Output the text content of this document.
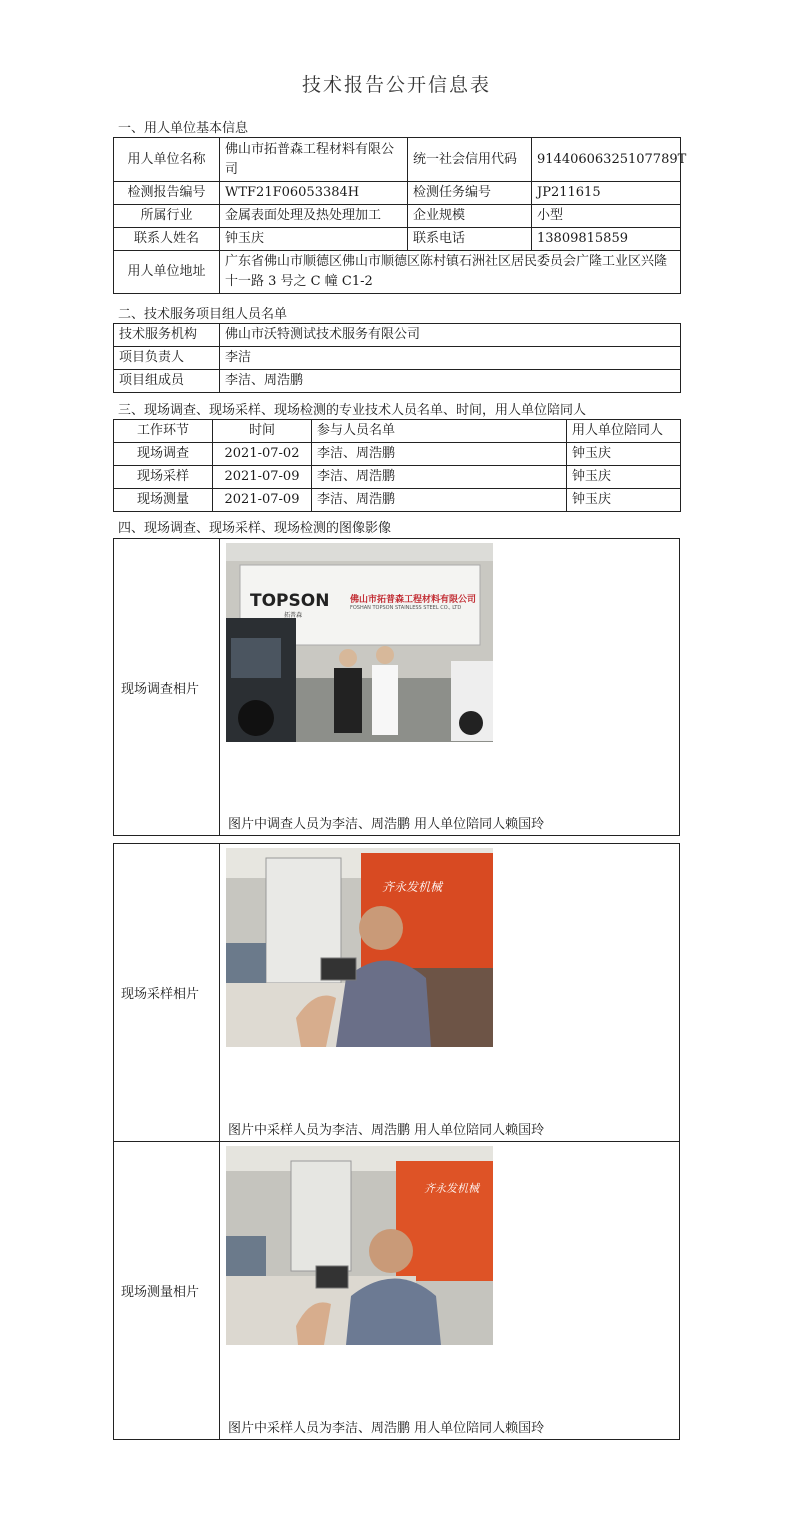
技术报告公开信息表
一、用人单位基本信息
用人单位名称	佛山市拓普森工程材料有限公司	统一社会信用代码	91440606325107789T
检测报告编号	WTF21F06053384H	检测任务编号	JP211615
所属行业	金属表面处理及热处理加工	企业规模	小型
联系人姓名	钟玉庆	联系电话	13809815859
用人单位地址	广东省佛山市顺德区佛山市顺德区陈村镇石洲社区居民委员会广隆工业区兴隆十一路 3 号之 C 幢 C1-2		
二、技术服务项目组人员名单
技术服务机构	佛山市沃特测试技术服务有限公司
项目负责人	李洁
项目组成员	李洁、周浩鹏
三、现场调查、现场采样、现场检测的专业技术人员名单、时间，用人单位陪同人
工作环节	时间	参与人员名单	用人单位陪同人
现场调查	2021-07-02	李洁、周浩鹏	钟玉庆
现场采样	2021-07-09	李洁、周浩鹏	钟玉庆
现场测量	2021-07-09	李洁、周浩鹏	钟玉庆
四、现场调查、现场采样、现场检测的图像影像
现场调查相片
TOPSON
拓普森
佛山市拓普森工程材料有限公司
FOSHAN TOPSON STAINLESS STEEL CO., LTD
图片中调查人员为李洁、周浩鹏 用人单位陪同人赖国玲
现场采样相片
齐永发机械
图片中采样人员为李洁、周浩鹏 用人单位陪同人赖国玲
现场测量相片
齐永发机械
图片中采样人员为李洁、周浩鹏 用人单位陪同人赖国玲
